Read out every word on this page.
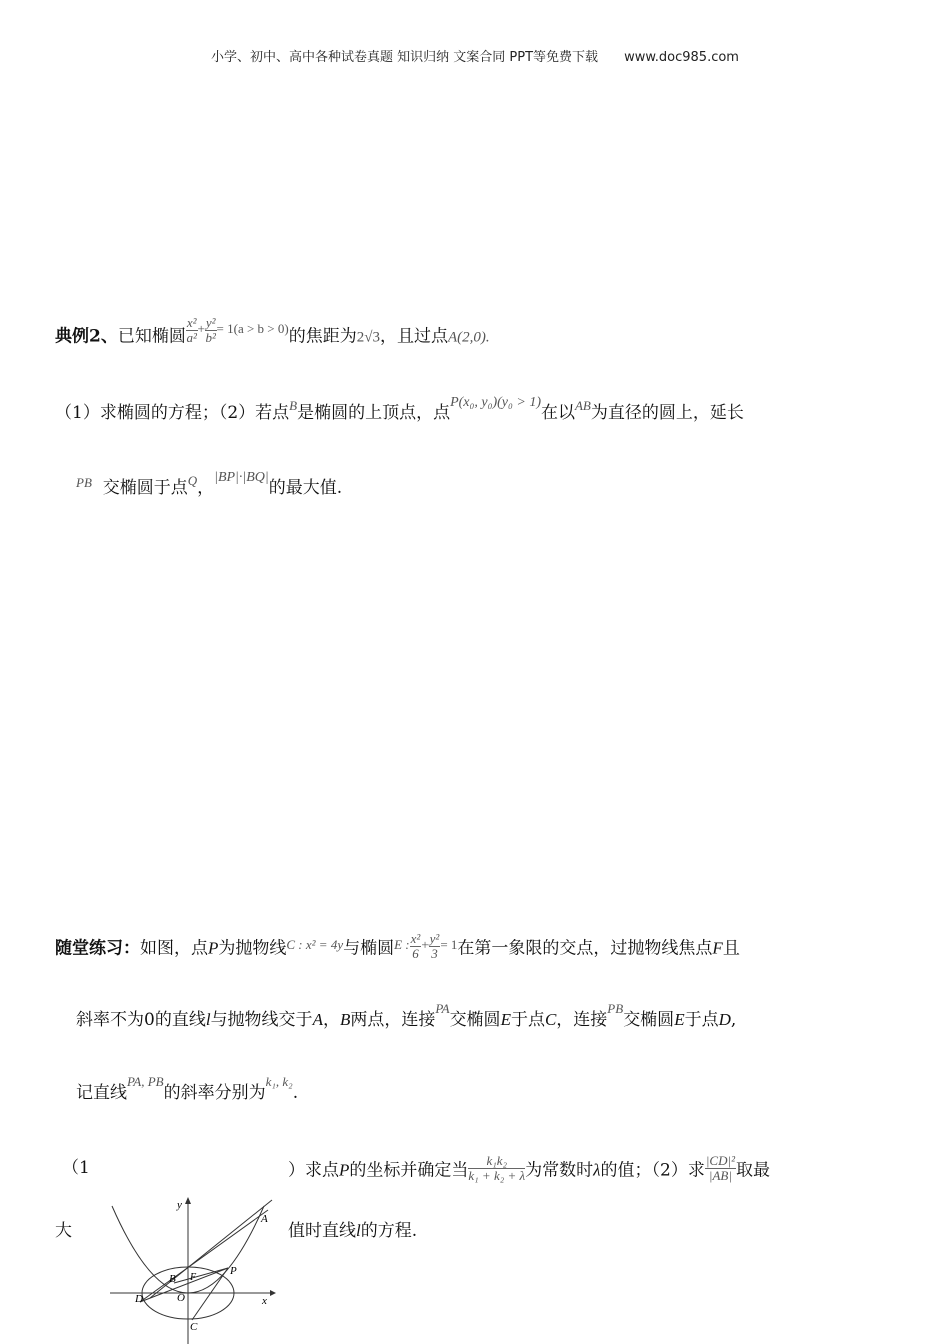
小学、初中、高中各种试卷真题 知识归纳 文案合同 PPT等免费下载 www.doc985.com
典例2、已知椭圆 $\frac{\text{x²}}{\text{a²}} + \frac{\text{y²}}{\text{b²}} = 1(a > b > 0)$的焦距为2√3，且过点A(2,0).
（1）求椭圆的方程；（2）若点$^B$是椭圆的上顶点，点$^{P(x_0, y_0)(y_0 > 1)}$在以$^{AB}$为直径的圆上，延长
$^{PB}$ 交椭圆于点$^Q$，$^{|BP|\cdot|BQ|}$的最大值.
随堂练习：如图，点P为抛物线$^{C : x^2 = 4y}$与椭圆$^{E : \frac{\text{x²}}{6} + \frac{\text{y²}}{3} = 1}$在第一象限的交点，过抛物线焦点F且
斜率不为0的直线l与抛物线交于A，B两点，连接$^{PA}$交椭圆E于点C，连接$^{PB}$交椭圆E于点D,
记直线$^{PA, PB}$的斜率分别为$^{k_1, k_2}$.
（1	）求点P的坐标并确定当 $^{\frac{\text{k₁k₂}}{\text{k₁ + k₂ + λ}}}$ 为常数时λ的值；（2）求 $^{\frac{\text{|CD|²}}{|AB|}}$ 取最
大	值时直线l的方程.
y
x
A
B F
P
D	O
C
